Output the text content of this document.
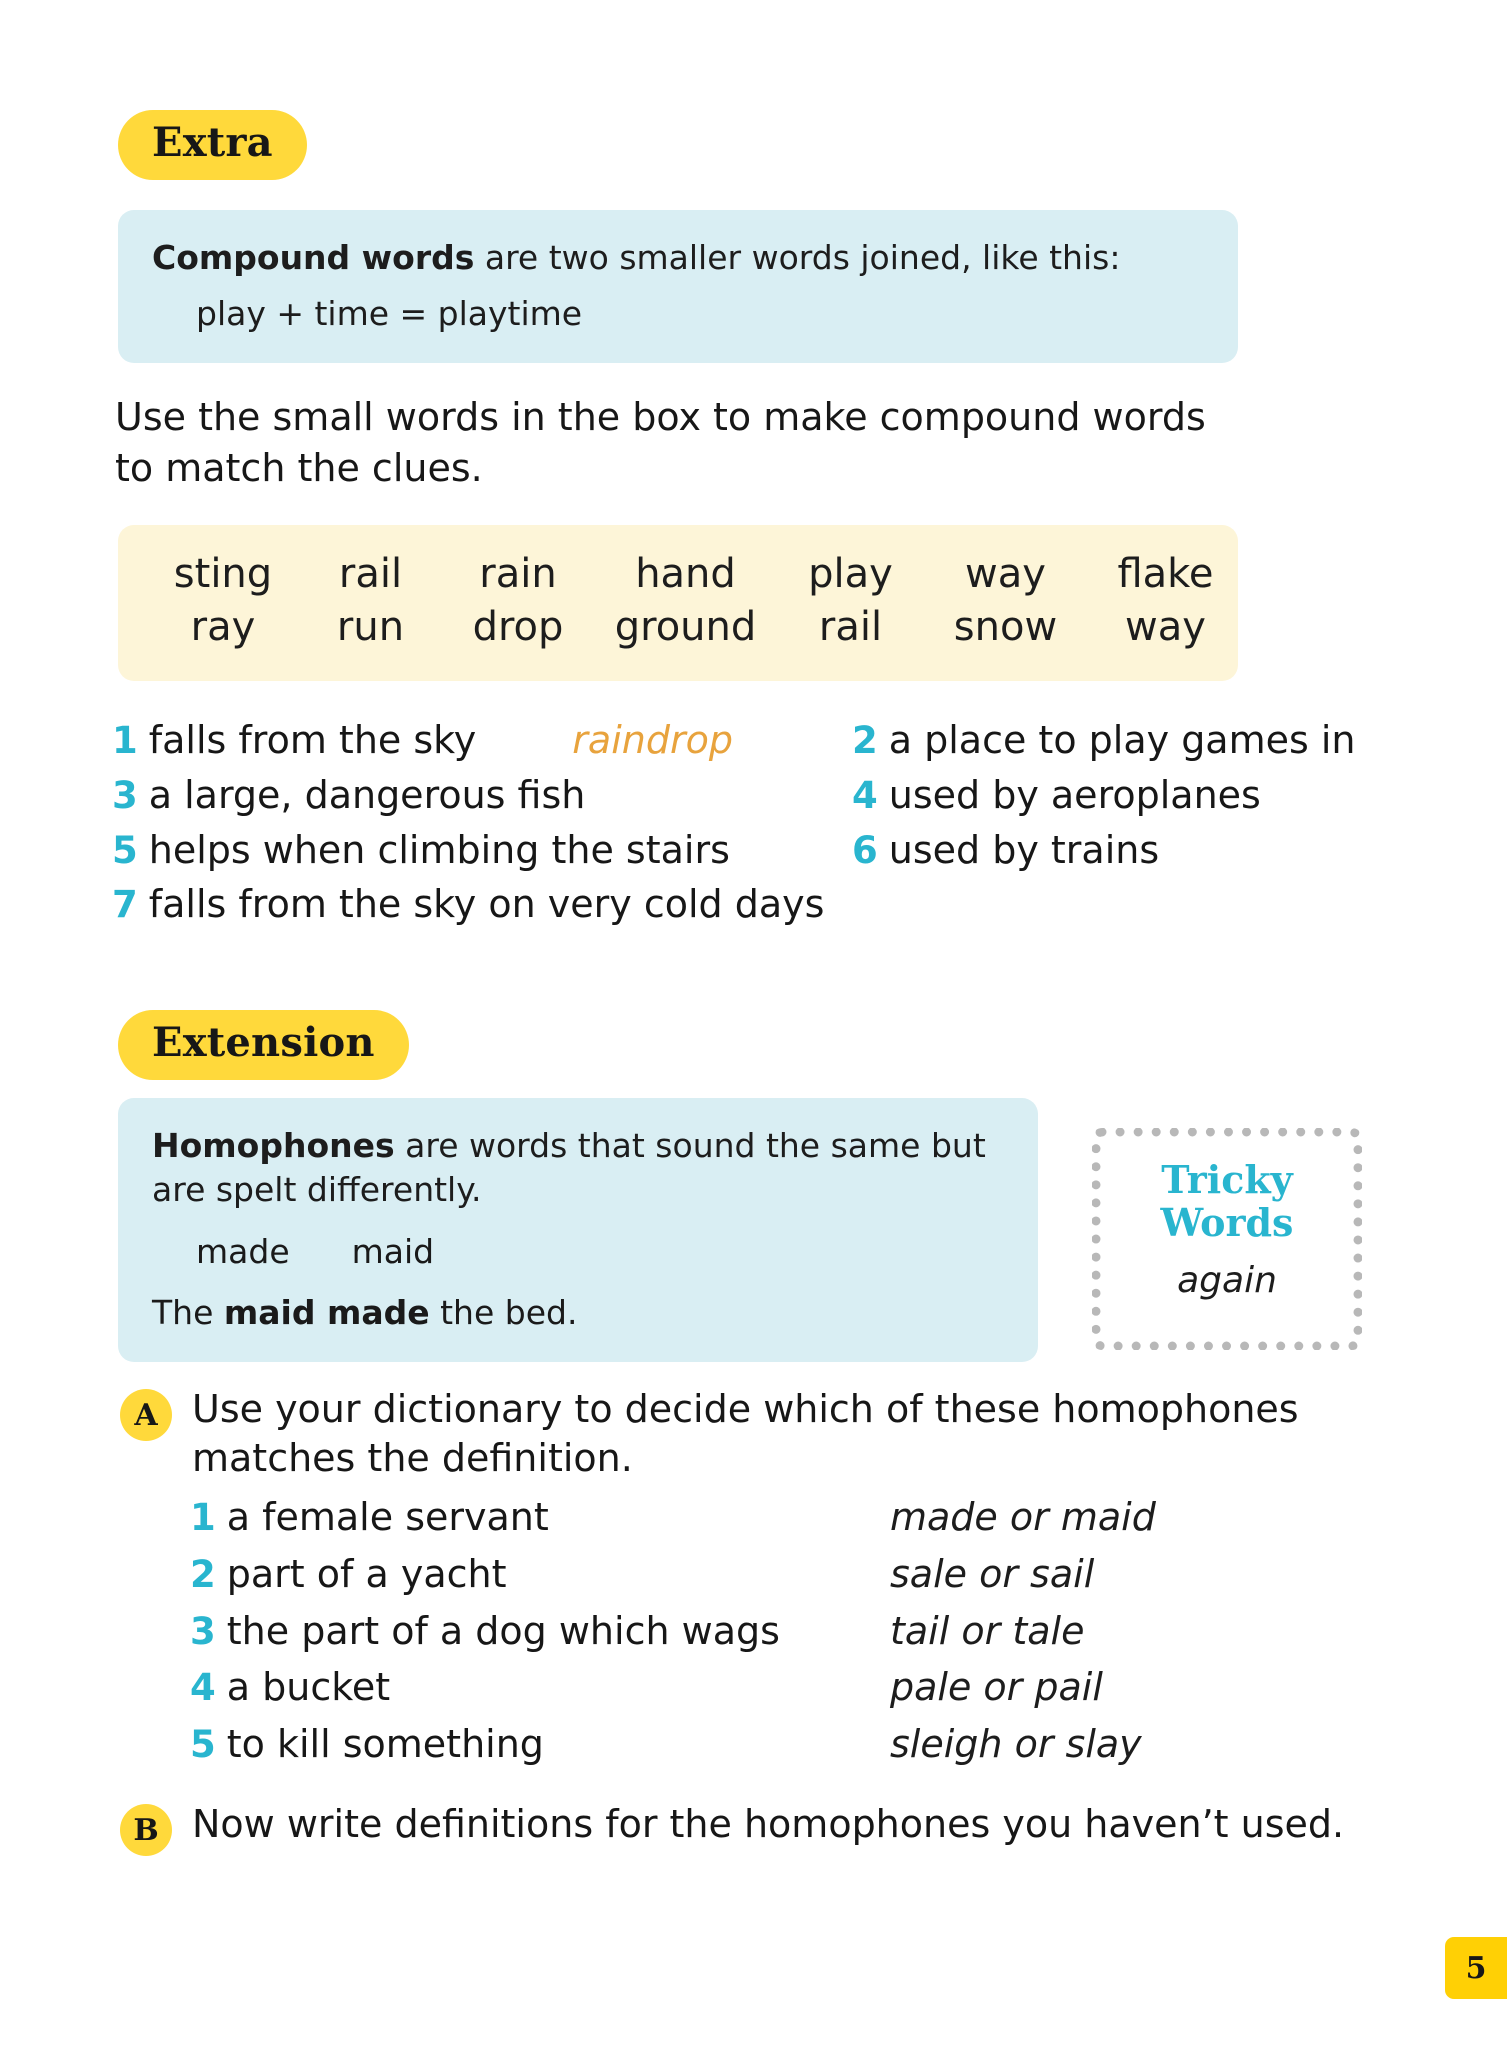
Extra
Compound words are two smaller words joined, like this:
play + time = playtime
Use the small words in the box to make compound words to match the clues.
sting	rail	rain	hand	play	way	flake
ray	run	drop	ground	rail	snow	way
1 falls from the sky	raindrop	2 a place to play games in
3 a large, dangerous fish	4 used by aeroplanes
5 helps when climbing the stairs	6 used by trains
7 falls from the sky on very cold days
Extension
Homophones are words that sound the same but are spelt differently.
made maid
The maid made the bed.
Tricky
Words
again
A Use your dictionary to decide which of these homophones matches the definition.
1 a female servant	made or maid
2 part of a yacht	sale or sail
3 the part of a dog which wags	tail or tale
4 a bucket	pale or pail
5 to kill something	sleigh or slay
B Now write definitions for the homophones you haven’t used.
5
